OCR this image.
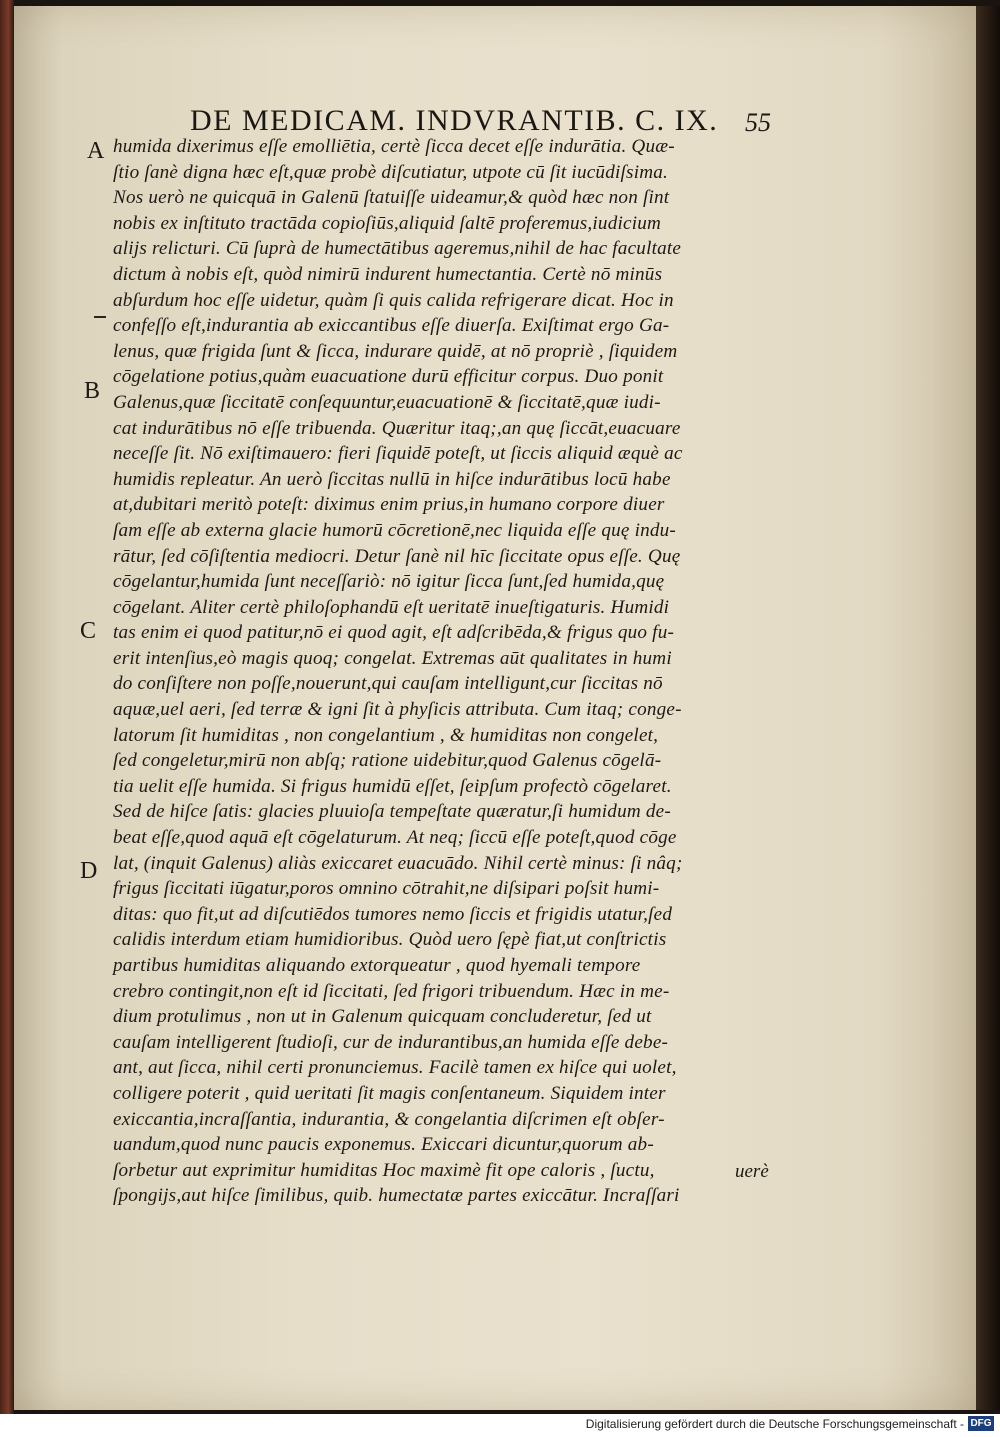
DE MEDICAM. INDVRANTIB. C. IX. 55
A
B
C
D
humida dixerimus eſſe emolliētia, certè ſicca decet eſſe indurātia. Quæ-
ſtio ſanè digna hæc eſt,quæ probè diſcutiatur, utpote cū ſit iucūdiſsima.
Nos uerò ne quicquā in Galenū ſtatuiſſe uideamur,& quòd hæc non ſint
nobis ex inſtituto tractāda copioſiūs,aliquid ſaltē proferemus,iudicium
alijs relicturi. Cū ſuprà de humectātibus ageremus,nihil de hac facultate
dictum à nobis eſt, quòd nimirū indurent humectantia. Certè nō minūs
abſurdum hoc eſſe uidetur, quàm ſi quis calida refrigerare dicat. Hoc in
confeſſo eſt,indurantia ab exiccantibus eſſe diuerſa. Exiſtimat ergo Ga-
lenus, quæ frigida ſunt & ſicca, indurare quidē, at nō propriè , ſiquidem
cōgelatione potius,quàm euacuatione durū efficitur corpus. Duo ponit
Galenus,quæ ſiccitatē conſequuntur,euacuationē & ſiccitatē,quæ iudi-
cat indurātibus nō eſſe tribuenda. Quæritur itaq;,an quę ſiccāt,euacuare
neceſſe ſit. Nō exiſtimauero: fieri ſiquidē poteſt, ut ſiccis aliquid æquè ac
humidis repleatur. An uerò ſiccitas nullū in hiſce indurātibus locū habe
at,dubitari meritò poteſt: diximus enim prius,in humano corpore diuer
ſam eſſe ab externa glacie humorū cōcretionē,nec liquida eſſe quę indu-
rātur, ſed cōſiſtentia mediocri. Detur ſanè nil hīc ſiccitate opus eſſe. Quę
cōgelantur,humida ſunt neceſſariò: nō igitur ſicca ſunt,ſed humida,quę
cōgelant. Aliter certè philoſophandū eſt ueritatē inueſtigaturis. Humidi
tas enim ei quod patitur,nō ei quod agit, eſt adſcribēda,& frigus quo fu-
erit intenſius,eò magis quoq; congelat. Extremas aūt qualitates in humi
do conſiſtere non poſſe,nouerunt,qui cauſam intelligunt,cur ſiccitas nō
aquæ,uel aeri, ſed terræ & igni ſit à phyſicis attributa. Cum itaq; conge-
latorum ſit humiditas , non congelantium , & humiditas non congelet,
ſed congeletur,mirū non abſq; ratione uidebitur,quod Galenus cōgelā-
tia uelit eſſe humida. Si frigus humidū eſſet, ſeipſum profectò cōgelaret.
Sed de hiſce ſatis: glacies pluuioſa tempeſtate quæratur,ſi humidum de-
beat eſſe,quod aquā eſt cōgelaturum. At neq; ſiccū eſſe poteſt,quod cōge
lat, (inquit Galenus) aliàs exiccaret euacuādo. Nihil certè minus: ſi nâq;
frigus ſiccitati iūgatur,poros omnino cōtrahit,ne diſsipari poſsit humi-
ditas: quo fit,ut ad diſcutiēdos tumores nemo ſiccis et frigidis utatur,ſed
calidis interdum etiam humidioribus. Quòd uero ſępè fiat,ut conſtrictis
partibus humiditas aliquando extorqueatur , quod hyemali tempore
crebro contingit,non eſt id ſiccitati, ſed frigori tribuendum. Hæc in me-
dium protulimus , non ut in Galenum quicquam concluderetur, ſed ut
cauſam intelligerent ſtudioſi, cur de indurantibus,an humida eſſe debe-
ant, aut ſicca, nihil certi pronunciemus. Facilè tamen ex hiſce qui uolet,
colligere poterit , quid ueritati ſit magis conſentaneum. Siquidem inter
exiccantia,incraſſantia, indurantia, & congelantia diſcrimen eſt obſer-
uandum,quod nunc paucis exponemus. Exiccari dicuntur,quorum ab-
ſorbetur aut exprimitur humiditas Hoc maximè fit ope caloris , ſuctu,
ſpongijs,aut hiſce ſimilibus, quib. humectatæ partes exiccātur. Incraſſari
uerè
Digitalisierung gefördert durch die Deutsche Forschungsgemeinschaft - DFG
